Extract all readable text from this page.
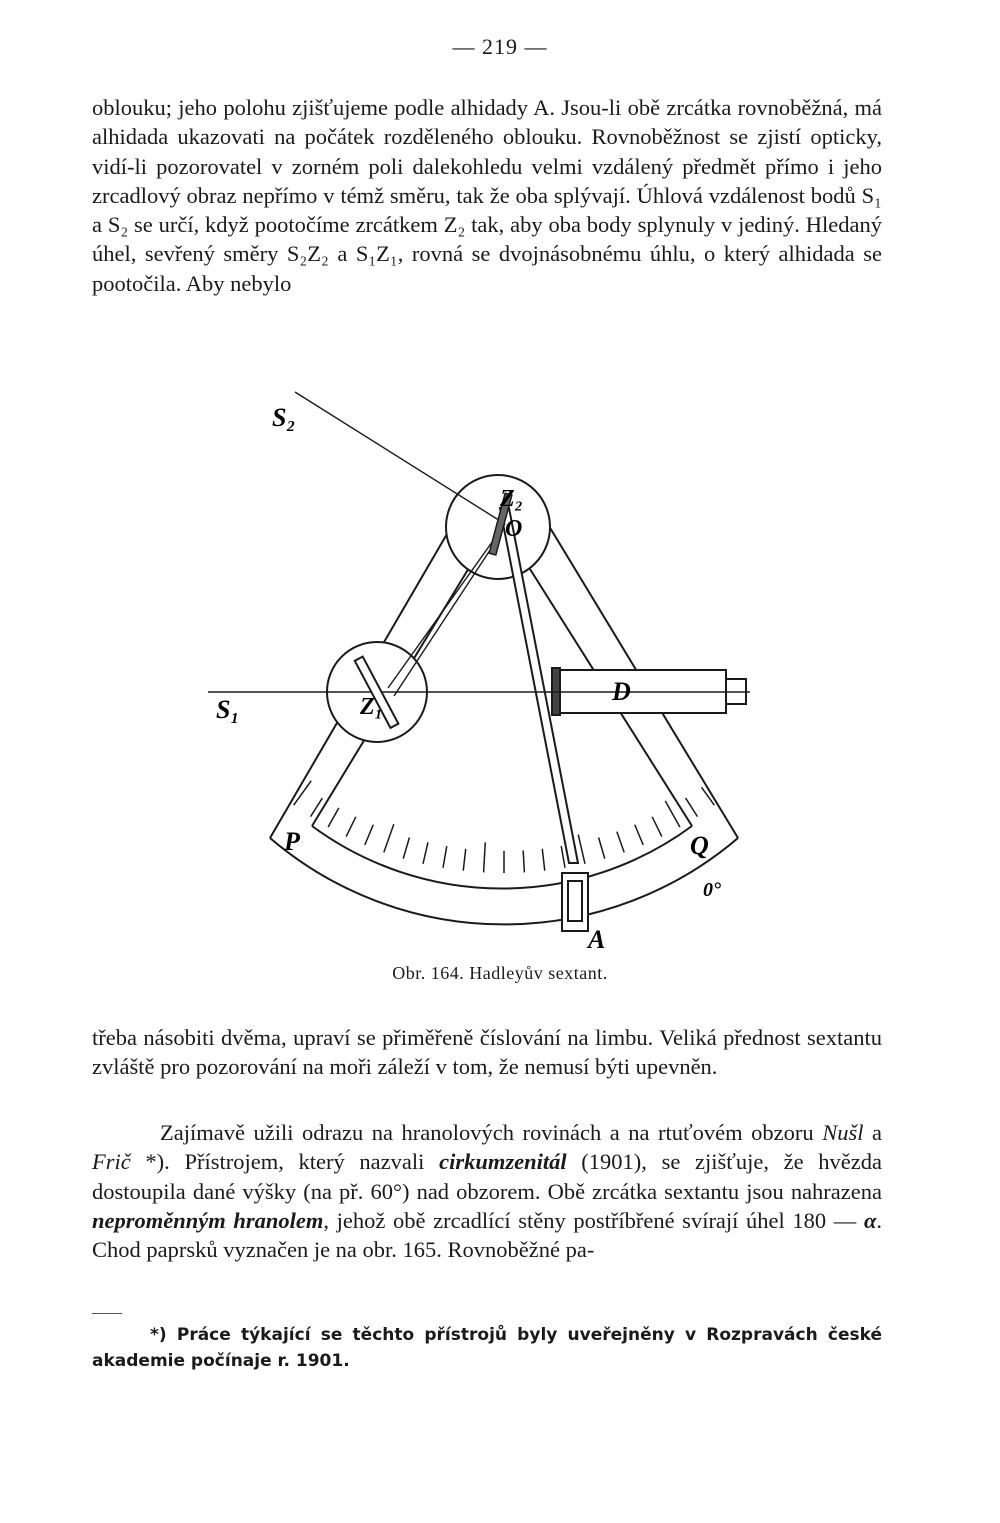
— 219 —

oblouku; jeho polohu zjišťujeme podle alhidady A. Jsou-li obě zrcátka rovnoběžná, má alhidada ukazovati na počátek rozděleného oblouku. Rovnoběžnost se zjistí opticky, vidí-li pozorovatel v zorném poli dalekohledu velmi vzdálený předmět přímo i jeho zrcadlový obraz nepřímo v témž směru, tak že oba splývají. Úhlová vzdálenost bodů S₁ a S₂ se určí, když pootočíme zrcátkem Z₂ tak, aby oba body splynuly v jediný. Hledaný úhel, sevřený směry S₂Z₂ a S₁Z₁, rovná se dvojnásobnému úhlu, o který alhidada se pootočila. Aby nebylo

S₂
S₁
Z₂
O
Z₁
D
P	Q
0°
A
Obr. 164. Hadleyův sextant.

třeba násobiti dvěma, upraví se přiměřeně číslování na limbu. Veliká přednost sextantu zvláště pro pozorování na moři záleží v tom, že nemusí býti upevněn.

Zajímavě užili odrazu na hranolových rovinách a na rtuťovém obzoru Nušl a Frič *). Přístrojem, který nazvali cirkumzenitál (1901), se zjišťuje, že hvězda dostoupila dané výšky (na př. 60°) nad obzorem. Obě zrcátka sextantu jsou nahrazena neproměnným hranolem, jehož obě zrcadlící stěny postříbřené svírají úhel 180 — α. Chod paprsků vyznačen je na obr. 165. Rovnoběžné pa-

*) Práce týkající se těchto přístrojů byly uveřejněny v Rozpravách české akademie počínaje r. 1901.
